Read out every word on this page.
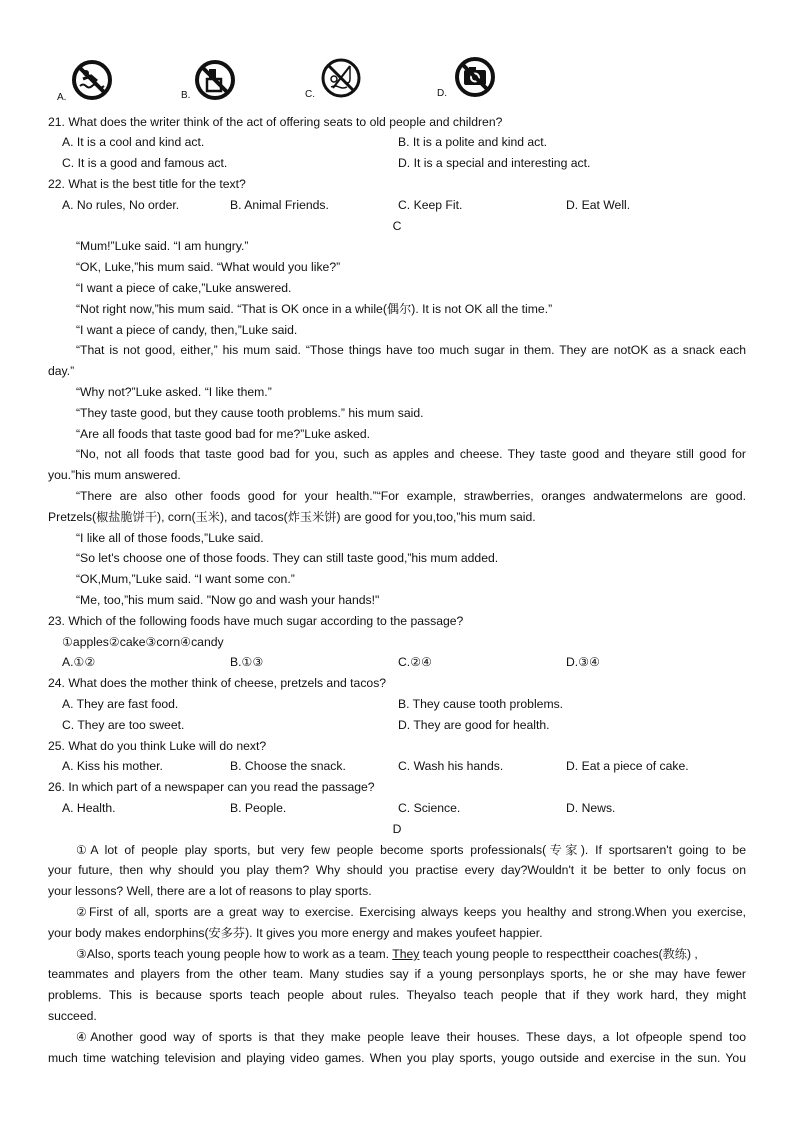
A.	B.	C.	D.
21. What does the writer think of the act of offering seats to old people and children?
A. It is a cool and kind act.	B. It is a polite and kind act.
C. It is a good and famous act.	D. It is a special and interesting act.
22. What is the best title for the text?
A. No rules, No order.	B. Animal Friends.	C. Keep Fit.	D. Eat Well.
C
“Mum!”Luke said. “I am hungry.”
“OK, Luke,”his mum said. “What would you like?”
“I want a piece of cake,”Luke answered.
“Not right now,”his mum said. “That is OK once in a while(偶尔). It is not OK all the time.”
“I want a piece of candy, then,”Luke said.
“That is not good, either,” his mum said. “Those things have too much sugar in them. They are notOK as a snack each
day.”
“Why not?”Luke asked. “I like them.”
“They taste good, but they cause tooth problems.” his mum said.
“Are all foods that taste good bad for me?”Luke asked.
“No, not all foods that taste good bad for you, such as apples and cheese. They taste good and theyare still good for
you.”his mum answered.
“There are also other foods good for your health.”“For example, strawberries, oranges andwatermelons are good.
Pretzels(椒盐脆饼干), corn(玉米), and tacos(炸玉米饼) are good for you,too,”his mum said.
“I like all of those foods,”Luke said.
“So let's choose one of those foods. They can still taste good,”his mum added.
“OK,Mum,”Luke said. “I want some con.”
“Me, too,”his mum said. "Now go and wash your hands!"
23. Which of the following foods have much sugar according to the passage?
①apples②cake③corn④candy
A.①②	B.①③	C.②④	D.③④
24. What does the mother think of cheese, pretzels and tacos?
A. They are fast food.	B. They cause tooth problems.
C. They are too sweet.	D. They are good for health.
25. What do you think Luke will do next?
A. Kiss his mother.	B. Choose the snack.	C. Wash his hands.	D. Eat a piece of cake.
26. In which part of a newspaper can you read the passage?
A. Health.	B. People.	C. Science.	D. News.
D
①A lot of people play sports, but very few people become sports professionals(专家). If sportsaren't going to be
your future, then why should you play them? Why should you practise every day?Wouldn't it be better to only focus on
your lessons? Well, there are a lot of reasons to play sports.
②First of all, sports are a great way to exercise. Exercising always keeps you healthy and strong.When you exercise,
your body makes endorphins(安多芬). It gives you more energy and makes youfeet happier.
③Also, sports teach young people how to work as a team. They teach young people to respecttheir coaches(教练) ,
teammates and players from the other team. Many studies say if a young personplays sports, he or she may have fewer
problems. This is because sports teach people about rules. Theyalso teach people that if they work hard, they might
succeed.
④Another good way of sports is that they make people leave their houses. These days, a lot ofpeople spend too
much time watching television and playing video games. When you play sports, yougo outside and exercise in the sun. You
